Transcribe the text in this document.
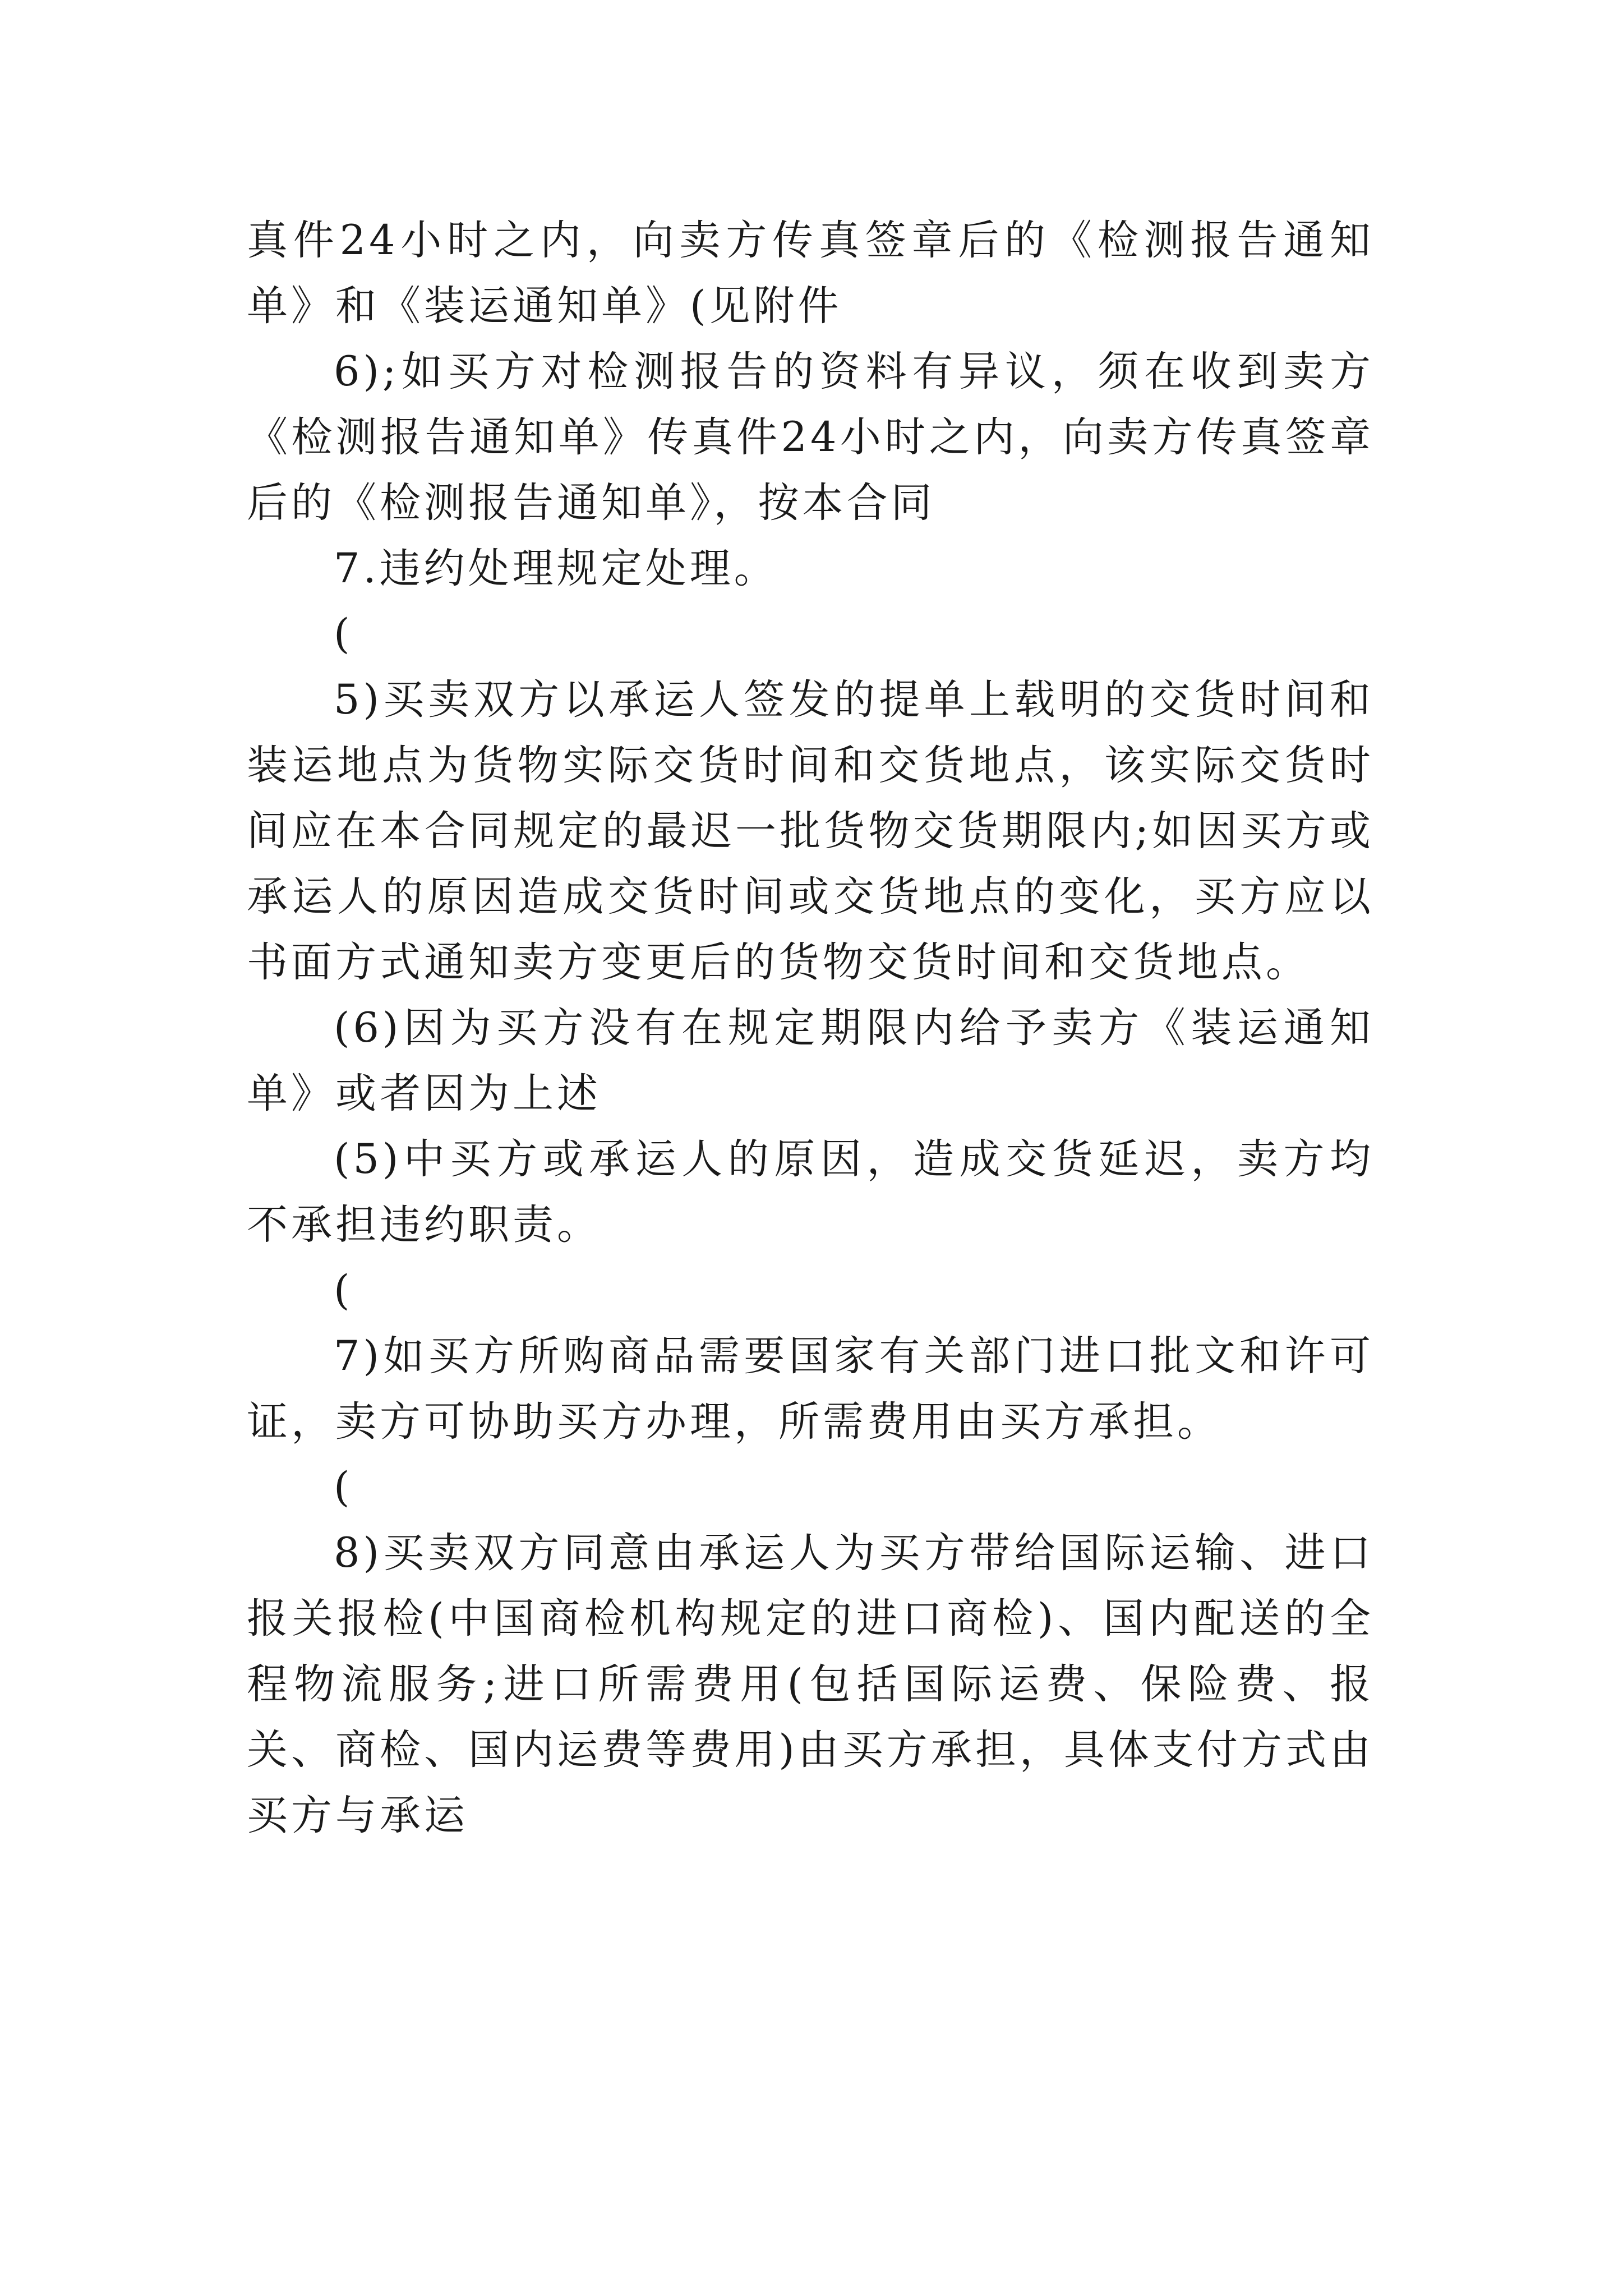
真件24小时之内，向卖方传真签章后的《检测报告通知单》和《装运通知单》(见附件

6);如买方对检测报告的资料有异议，须在收到卖方《检测报告通知单》传真件24小时之内，向卖方传真签章后的《检测报告通知单》，按本合同

7.违约处理规定处理。

(

5)买卖双方以承运人签发的提单上载明的交货时间和装运地点为货物实际交货时间和交货地点，该实际交货时间应在本合同规定的最迟一批货物交货期限内;如因买方或承运人的原因造成交货时间或交货地点的变化，买方应以书面方式通知卖方变更后的货物交货时间和交货地点。

(6)因为买方没有在规定期限内给予卖方《装运通知单》或者因为上述

(5)中买方或承运人的原因，造成交货延迟，卖方均不承担违约职责。

(

7)如买方所购商品需要国家有关部门进口批文和许可证，卖方可协助买方办理，所需费用由买方承担。

(

8)买卖双方同意由承运人为买方带给国际运输、进口报关报检(中国商检机构规定的进口商检)、国内配送的全程物流服务;进口所需费用(包括国际运费、保险费、报关、商检、国内运费等费用)由买方承担，具体支付方式由买方与承运
